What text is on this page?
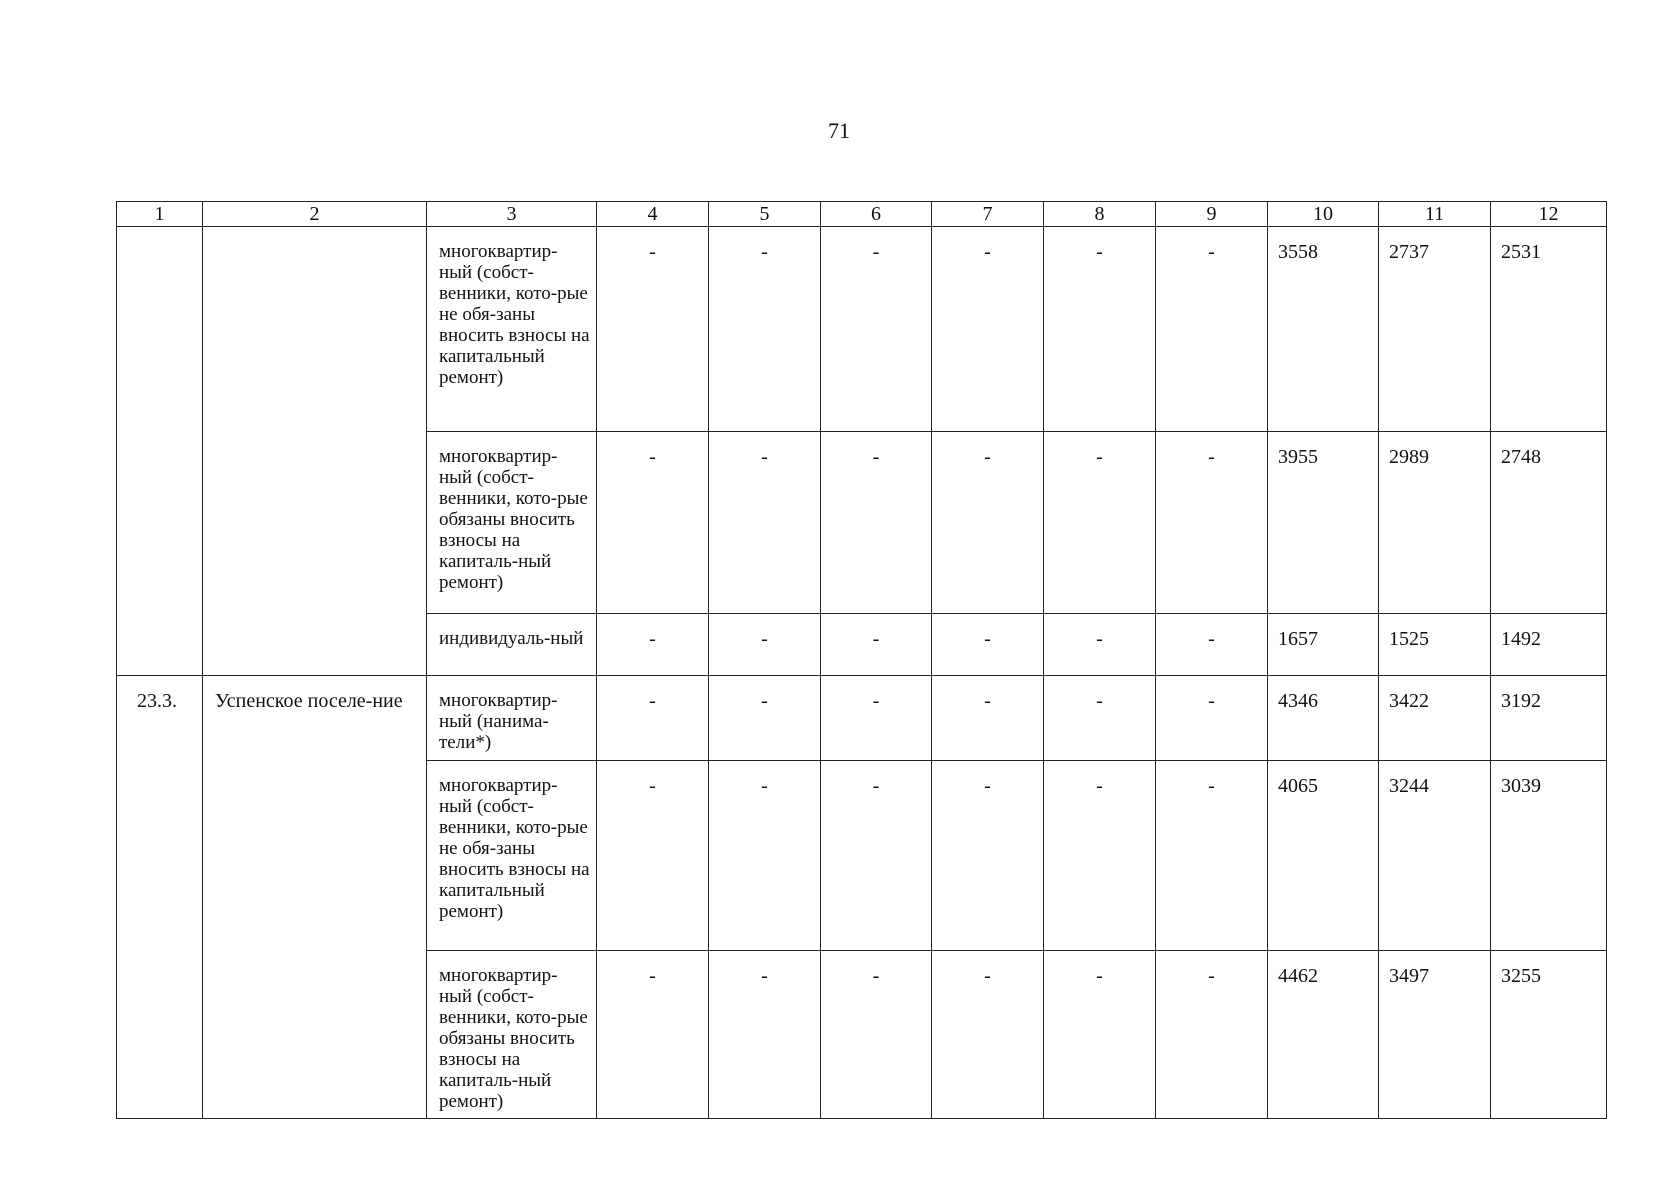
71
1	2	3	4	5	6	7	8	9	10	11	12
		многоквартир-ный (собст-венники, кото-рые не обя-заны вносить взносы на капитальный ремонт)	-	-	-	-	-	-	3558	2737	2531
		многоквартир-ный (собст-венники, кото-рые обязаны вносить взносы на капиталь-ный ремонт)	-	-	-	-	-	-	3955	2989	2748
		индивидуаль-ный	-	-	-	-	-	-	1657	1525	1492
23.3.	Успенское поселе-ние	многоквартир-ный (нанима-тели*)	-	-	-	-	-	-	4346	3422	3192
		многоквартир-ный (собст-венники, кото-рые не обя-заны вносить взносы на капитальный ремонт)	-	-	-	-	-	-	4065	3244	3039
		многоквартир-ный (собст-венники, кото-рые обязаны вносить взносы на капиталь-ный ремонт)	-	-	-	-	-	-	4462	3497	3255
